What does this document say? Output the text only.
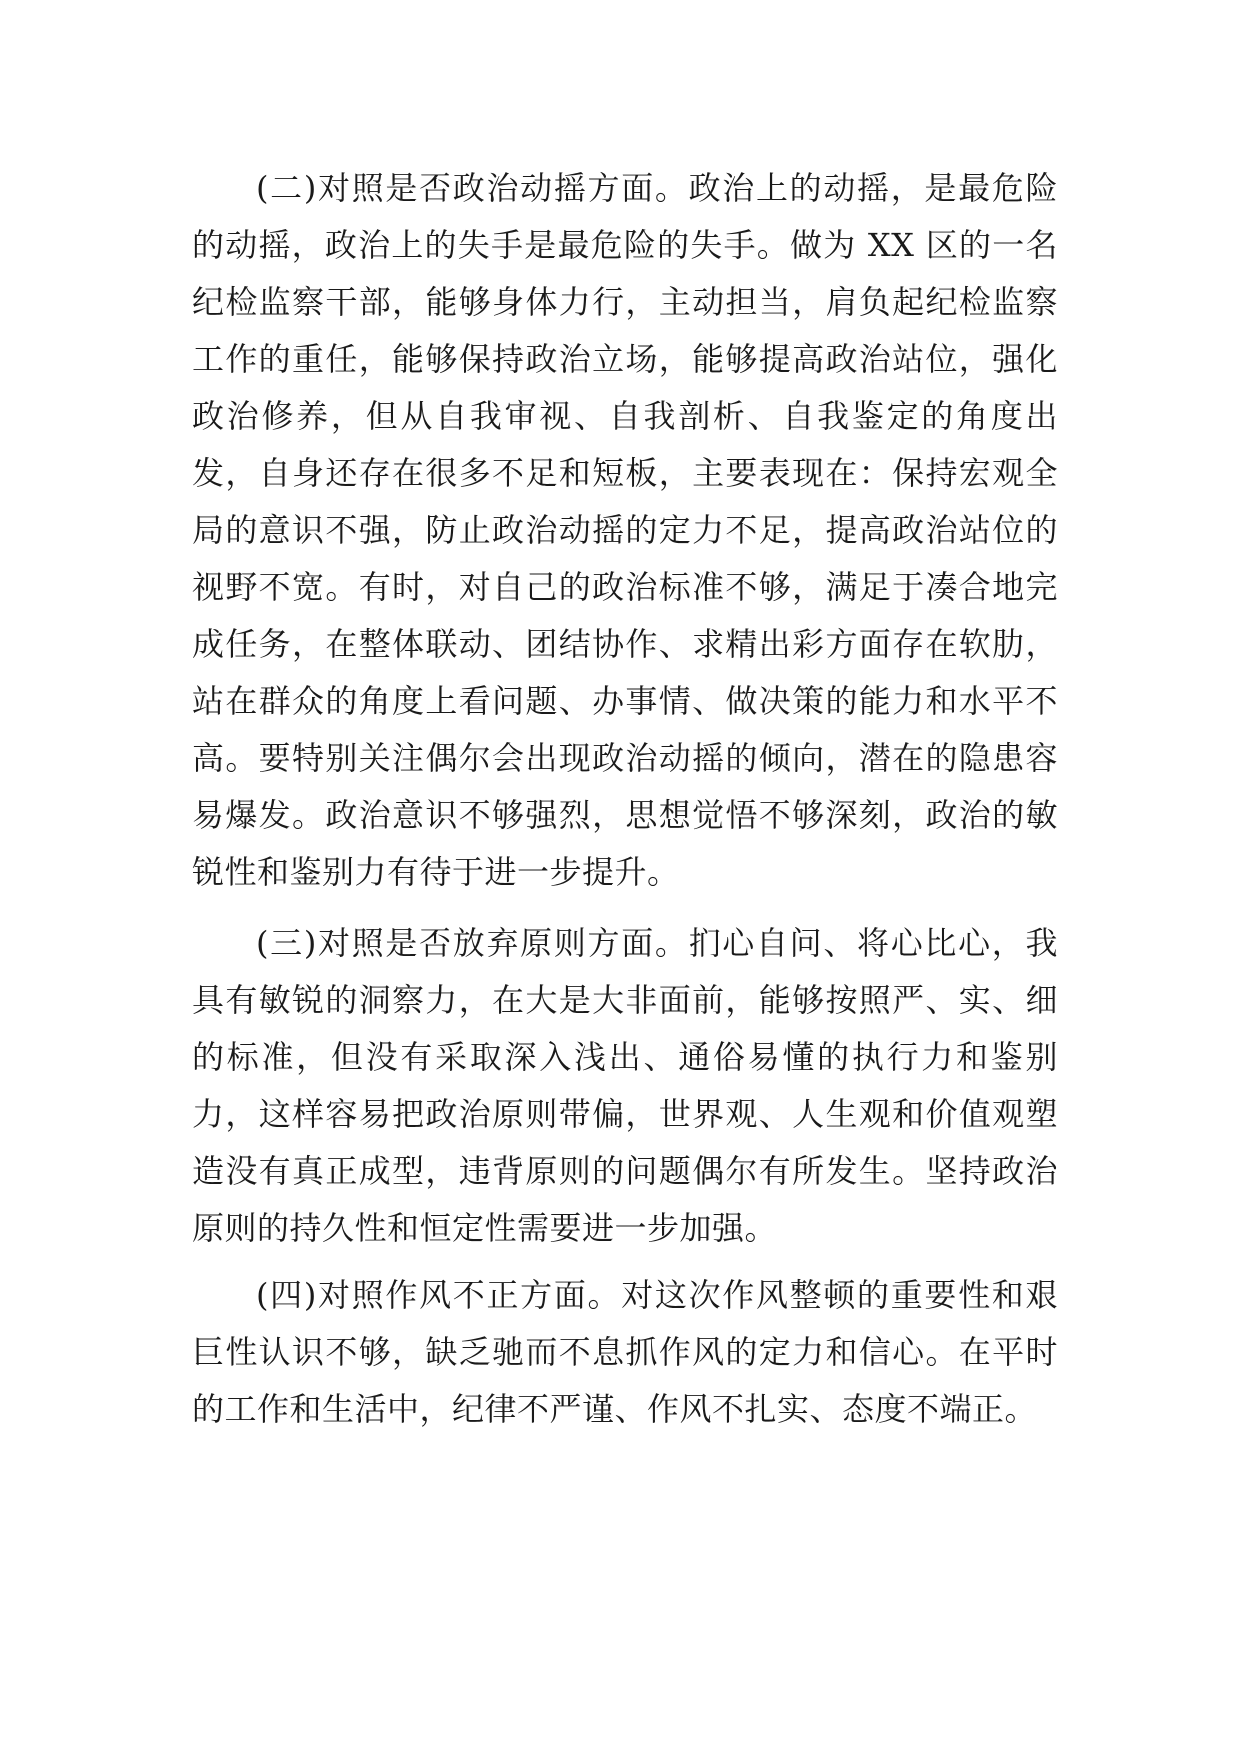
(二)对照是否政治动摇方面。政治上的动摇，是最危险的动摇，政治上的失手是最危险的失手。做为 XX 区的一名纪检监察干部，能够身体力行，主动担当，肩负起纪检监察工作的重任，能够保持政治立场，能够提高政治站位，强化政治修养，但从自我审视、自我剖析、自我鉴定的角度出发，自身还存在很多不足和短板，主要表现在：保持宏观全局的意识不强，防止政治动摇的定力不足，提高政治站位的视野不宽。有时，对自己的政治标准不够，满足于凑合地完成任务，在整体联动、团结协作、求精出彩方面存在软肋，站在群众的角度上看问题、办事情、做决策的能力和水平不高。要特别关注偶尔会出现政治动摇的倾向，潜在的隐患容易爆发。政治意识不够强烈，思想觉悟不够深刻，政治的敏锐性和鉴别力有待于进一步提升。

(三)对照是否放弃原则方面。扪心自问、将心比心，我具有敏锐的洞察力，在大是大非面前，能够按照严、实、细的标准，但没有采取深入浅出、通俗易懂的执行力和鉴别力，这样容易把政治原则带偏，世界观、人生观和价值观塑造没有真正成型，违背原则的问题偶尔有所发生。坚持政治原则的持久性和恒定性需要进一步加强。

(四)对照作风不正方面。对这次作风整顿的重要性和艰巨性认识不够，缺乏驰而不息抓作风的定力和信心。在平时的工作和生活中，纪律不严谨、作风不扎实、态度不端正。
